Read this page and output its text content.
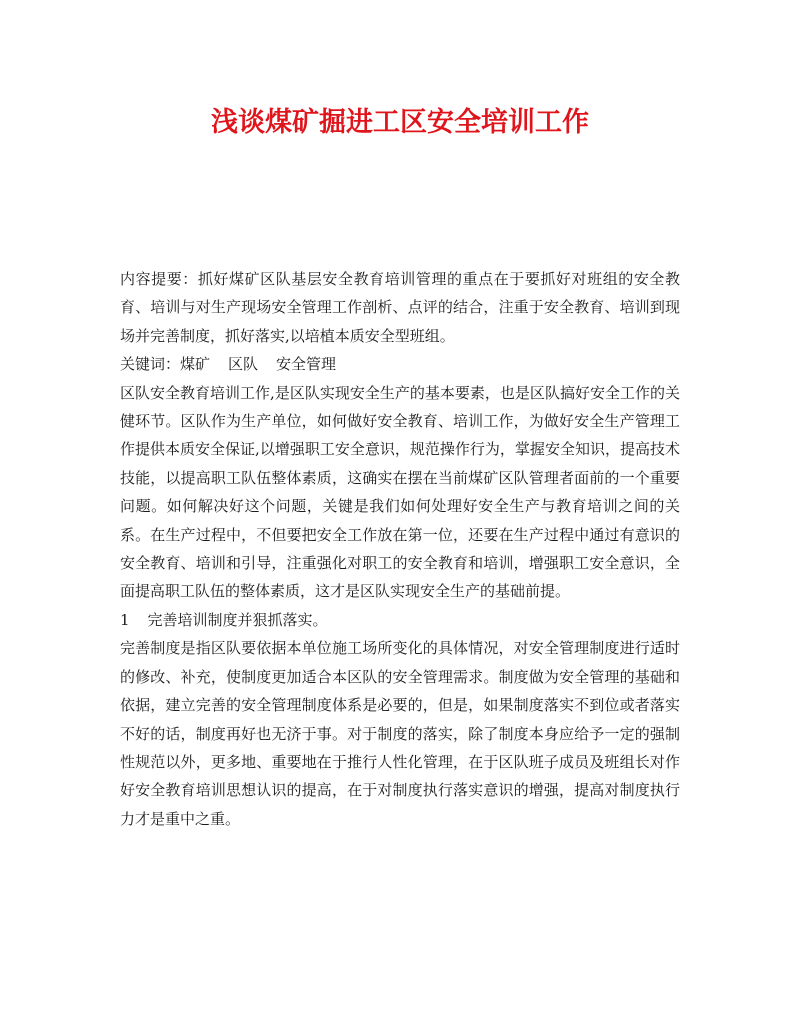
浅谈煤矿掘进工区安全培训工作

内容提要：抓好煤矿区队基层安全教育培训管理的重点在于要抓好对班组的安全教育、培训与对生产现场安全管理工作剖析、点评的结合，注重于安全教育、培训到现场并完善制度，抓好落实,以培植本质安全型班组。

关键词：煤矿 区队 安全管理

区队安全教育培训工作,是区队实现安全生产的基本要素，也是区队搞好安全工作的关健环节。区队作为生产单位，如何做好安全教育、培训工作，为做好安全生产管理工作提供本质安全保证,以增强职工安全意识，规范操作行为，掌握安全知识，提高技术技能，以提高职工队伍整体素质，这确实在摆在当前煤矿区队管理者面前的一个重要问题。如何解决好这个问题，关键是我们如何处理好安全生产与教育培训之间的关系。在生产过程中，不但要把安全工作放在第一位，还要在生产过程中通过有意识的安全教育、培训和引导，注重强化对职工的安全教育和培训，增强职工安全意识，全面提高职工队伍的整体素质，这才是区队实现安全生产的基础前提。

1 完善培训制度并狠抓落实。

完善制度是指区队要依据本单位施工场所变化的具体情况，对安全管理制度进行适时的修改、补充，使制度更加适合本区队的安全管理需求。制度做为安全管理的基础和依据，建立完善的安全管理制度体系是必要的，但是，如果制度落实不到位或者落实不好的话，制度再好也无济于事。对于制度的落实，除了制度本身应给予一定的强制性规范以外，更多地、重要地在于推行人性化管理，在于区队班子成员及班组长对作好安全教育培训思想认识的提高，在于对制度执行落实意识的增强，提高对制度执行力才是重中之重。
